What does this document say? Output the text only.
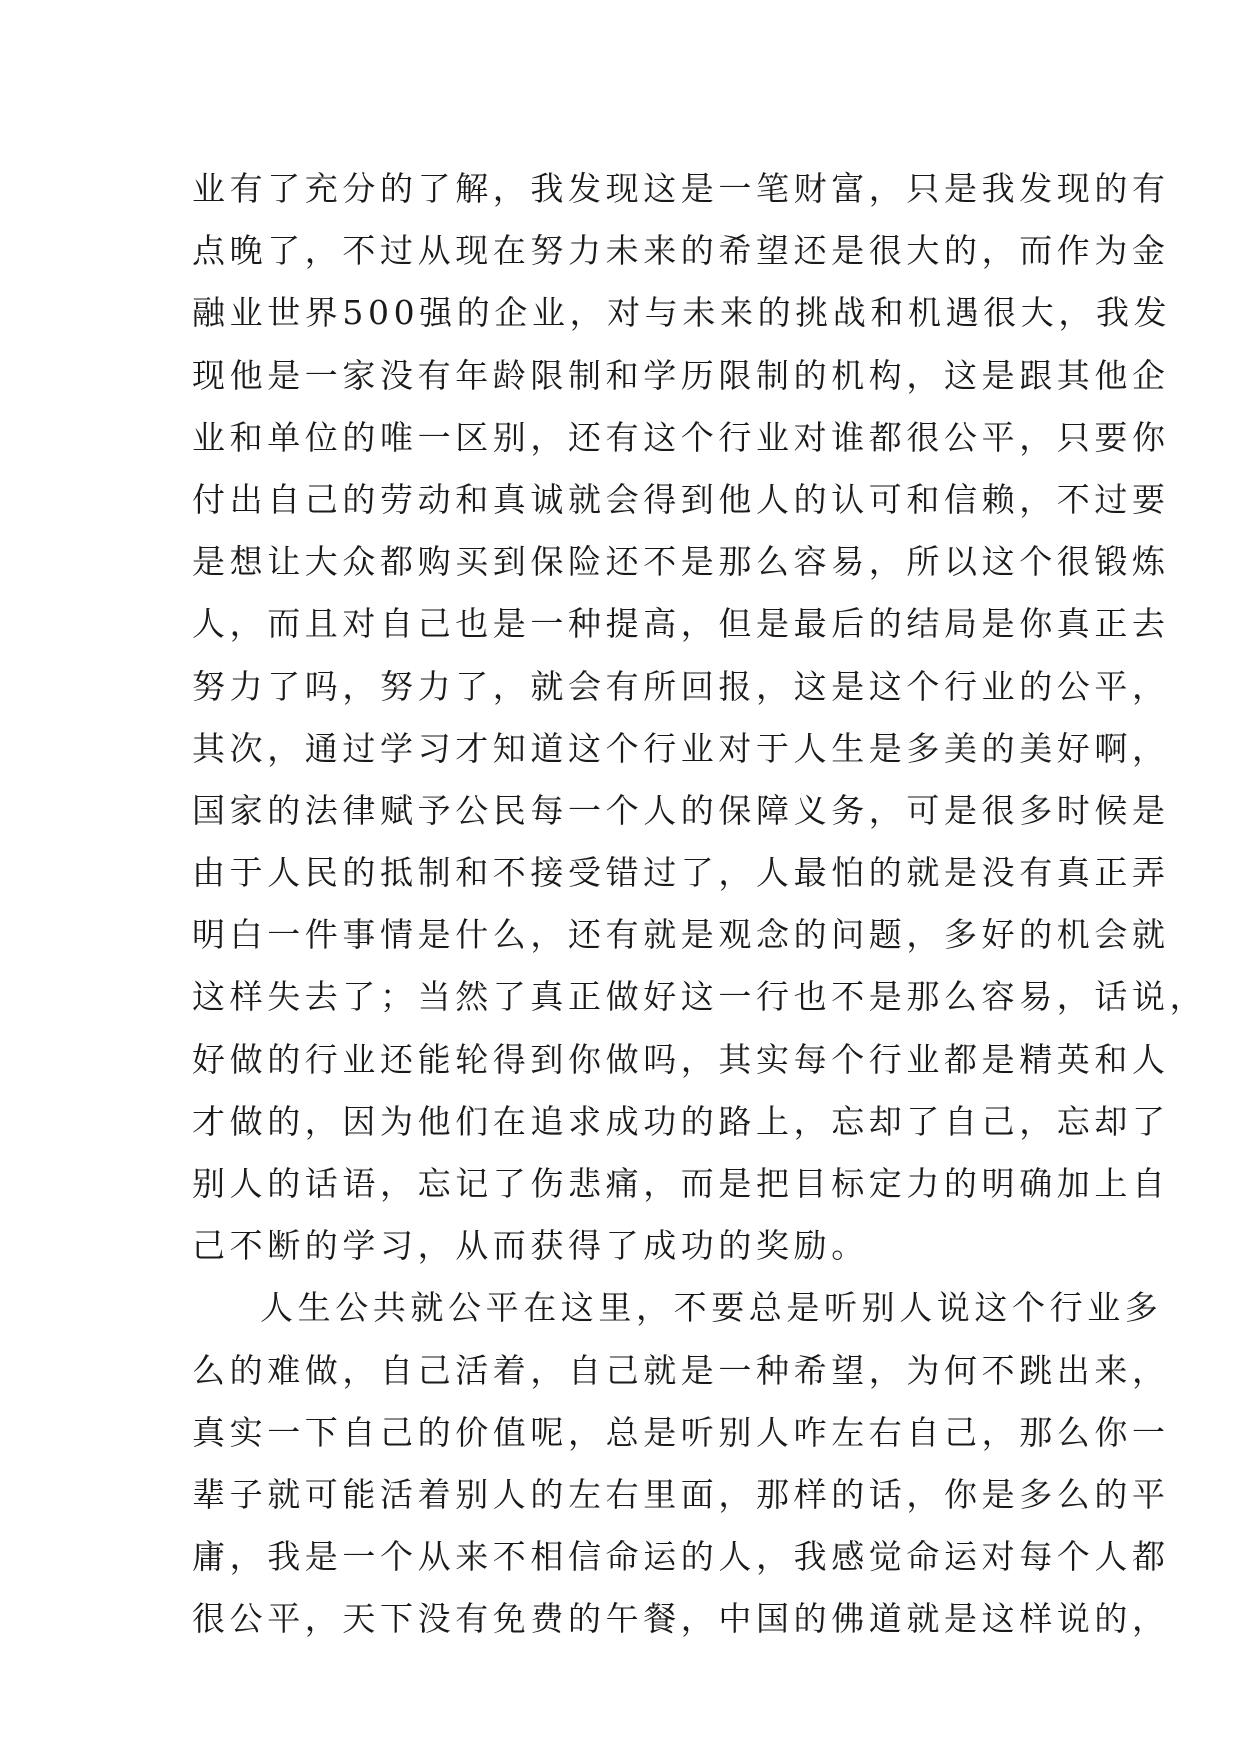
业有了充分的了解，我发现这是一笔财富，只是我发现的有
点晚了，不过从现在努力未来的希望还是很大的，而作为金
融业世界500强的企业，对与未来的挑战和机遇很大，我发
现他是一家没有年龄限制和学历限制的机构，这是跟其他企
业和单位的唯一区别，还有这个行业对谁都很公平，只要你
付出自己的劳动和真诚就会得到他人的认可和信赖，不过要
是想让大众都购买到保险还不是那么容易，所以这个很锻炼
人，而且对自己也是一种提高，但是最后的结局是你真正去
努力了吗，努力了，就会有所回报，这是这个行业的公平，
其次，通过学习才知道这个行业对于人生是多美的美好啊，
国家的法律赋予公民每一个人的保障义务，可是很多时候是
由于人民的抵制和不接受错过了，人最怕的就是没有真正弄
明白一件事情是什么，还有就是观念的问题，多好的机会就
这样失去了；当然了真正做好这一行也不是那么容易，话说，
好做的行业还能轮得到你做吗，其实每个行业都是精英和人
才做的，因为他们在追求成功的路上，忘却了自己，忘却了
别人的话语，忘记了伤悲痛，而是把目标定力的明确加上自
己不断的学习，从而获得了成功的奖励。
人生公共就公平在这里，不要总是听别人说这个行业多
么的难做，自己活着，自己就是一种希望，为何不跳出来，
真实一下自己的价值呢，总是听别人咋左右自己，那么你一
辈子就可能活着别人的左右里面，那样的话，你是多么的平
庸，我是一个从来不相信命运的人，我感觉命运对每个人都
很公平，天下没有免费的午餐，中国的佛道就是这样说的，
